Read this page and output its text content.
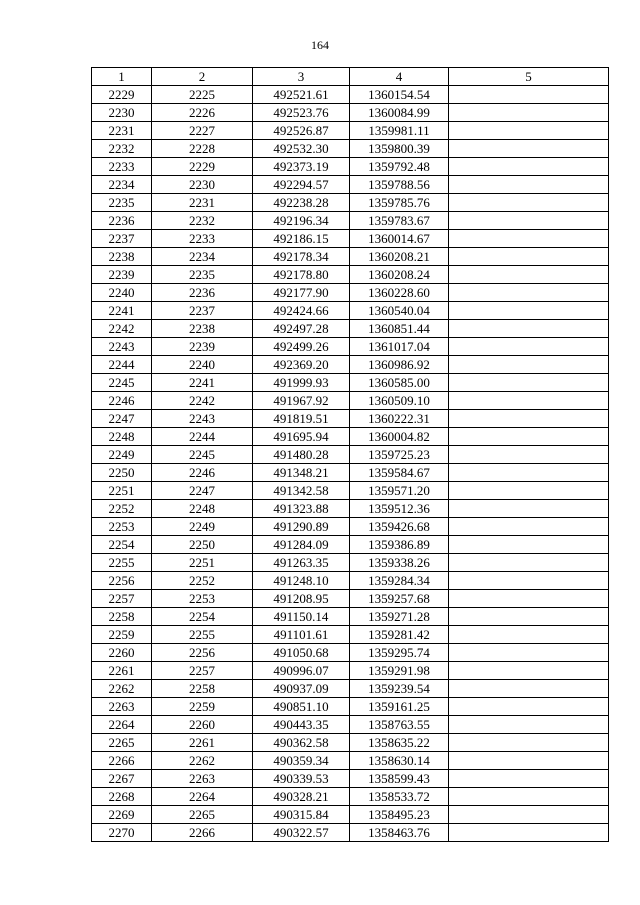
164
1	2	3	4	5
2229	2225	492521.61	1360154.54	
2230	2226	492523.76	1360084.99	
2231	2227	492526.87	1359981.11	
2232	2228	492532.30	1359800.39	
2233	2229	492373.19	1359792.48	
2234	2230	492294.57	1359788.56	
2235	2231	492238.28	1359785.76	
2236	2232	492196.34	1359783.67	
2237	2233	492186.15	1360014.67	
2238	2234	492178.34	1360208.21	
2239	2235	492178.80	1360208.24	
2240	2236	492177.90	1360228.60	
2241	2237	492424.66	1360540.04	
2242	2238	492497.28	1360851.44	
2243	2239	492499.26	1361017.04	
2244	2240	492369.20	1360986.92	
2245	2241	491999.93	1360585.00	
2246	2242	491967.92	1360509.10	
2247	2243	491819.51	1360222.31	
2248	2244	491695.94	1360004.82	
2249	2245	491480.28	1359725.23	
2250	2246	491348.21	1359584.67	
2251	2247	491342.58	1359571.20	
2252	2248	491323.88	1359512.36	
2253	2249	491290.89	1359426.68	
2254	2250	491284.09	1359386.89	
2255	2251	491263.35	1359338.26	
2256	2252	491248.10	1359284.34	
2257	2253	491208.95	1359257.68	
2258	2254	491150.14	1359271.28	
2259	2255	491101.61	1359281.42	
2260	2256	491050.68	1359295.74	
2261	2257	490996.07	1359291.98	
2262	2258	490937.09	1359239.54	
2263	2259	490851.10	1359161.25	
2264	2260	490443.35	1358763.55	
2265	2261	490362.58	1358635.22	
2266	2262	490359.34	1358630.14	
2267	2263	490339.53	1358599.43	
2268	2264	490328.21	1358533.72	
2269	2265	490315.84	1358495.23	
2270	2266	490322.57	1358463.76	
